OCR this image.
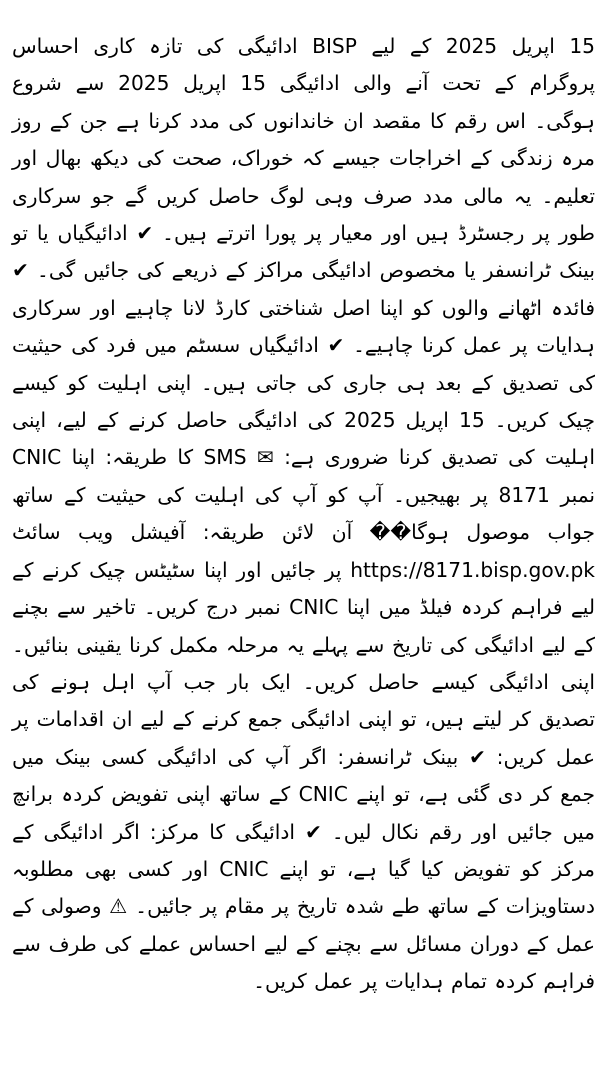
15 اپریل 2025 کے لیے BISP ادائیگی کی تازہ کاری احساس پروگرام کے تحت آنے والی ادائیگی 15 اپریل 2025 سے شروع ہوگی۔ اس رقم کا مقصد ان خاندانوں کی مدد کرنا ہے جن کے روز مرہ زندگی کے اخراجات جیسے کہ خوراک، صحت کی دیکھ بھال اور تعلیم۔ یہ مالی مدد صرف وہی لوگ حاصل کریں گے جو سرکاری طور پر رجسٹرڈ ہیں اور معیار پر پورا اترتے ہیں۔ ✔ ادائیگیاں یا تو بینک ٹرانسفر یا مخصوص ادائیگی مراکز کے ذریعے کی جائیں گی۔ ✔ فائدہ اٹھانے والوں کو اپنا اصل شناختی کارڈ لانا چاہیے اور سرکاری ہدایات پر عمل کرنا چاہیے۔ ✔ ادائیگیاں سسٹم میں فرد کی حیثیت کی تصدیق کے بعد ہی جاری کی جاتی ہیں۔ اپنی اہلیت کو کیسے چیک کریں۔ 15 اپریل 2025 کی ادائیگی حاصل کرنے کے لیے، اپنی اہلیت کی تصدیق کرنا ضروری ہے: ✉ SMS کا طریقہ: اپنا CNIC نمبر 8171 پر بھیجیں۔ آپ کو آپ کی اہلیت کی حیثیت کے ساتھ جواب موصول ہوگا�� آن لائن طریقہ: آفیشل ویب سائٹ https://8171.bisp.gov.pk پر جائیں اور اپنا سٹیٹس چیک کرنے کے لیے فراہم کردہ فیلڈ میں اپنا CNIC نمبر درج کریں۔ تاخیر سے بچنے کے لیے ادائیگی کی تاریخ سے پہلے یہ مرحلہ مکمل کرنا یقینی بنائیں۔ اپنی ادائیگی کیسے حاصل کریں۔ ایک بار جب آپ اہل ہونے کی تصدیق کر لیتے ہیں، تو اپنی ادائیگی جمع کرنے کے لیے ان اقدامات پر عمل کریں: ✔ بینک ٹرانسفر: اگر آپ کی ادائیگی کسی بینک میں جمع کر دی گئی ہے، تو اپنے CNIC کے ساتھ اپنی تفویض کردہ برانچ میں جائیں اور رقم نکال لیں۔ ✔ ادائیگی کا مرکز: اگر ادائیگی کے مرکز کو تفویض کیا گیا ہے، تو اپنے CNIC اور کسی بھی مطلوبہ دستاویزات کے ساتھ طے شدہ تاریخ پر مقام پر جائیں۔ ⚠ وصولی کے عمل کے دوران مسائل سے بچنے کے لیے احساس عملے کی طرف سے فراہم کردہ تمام ہدایات پر عمل کریں۔
